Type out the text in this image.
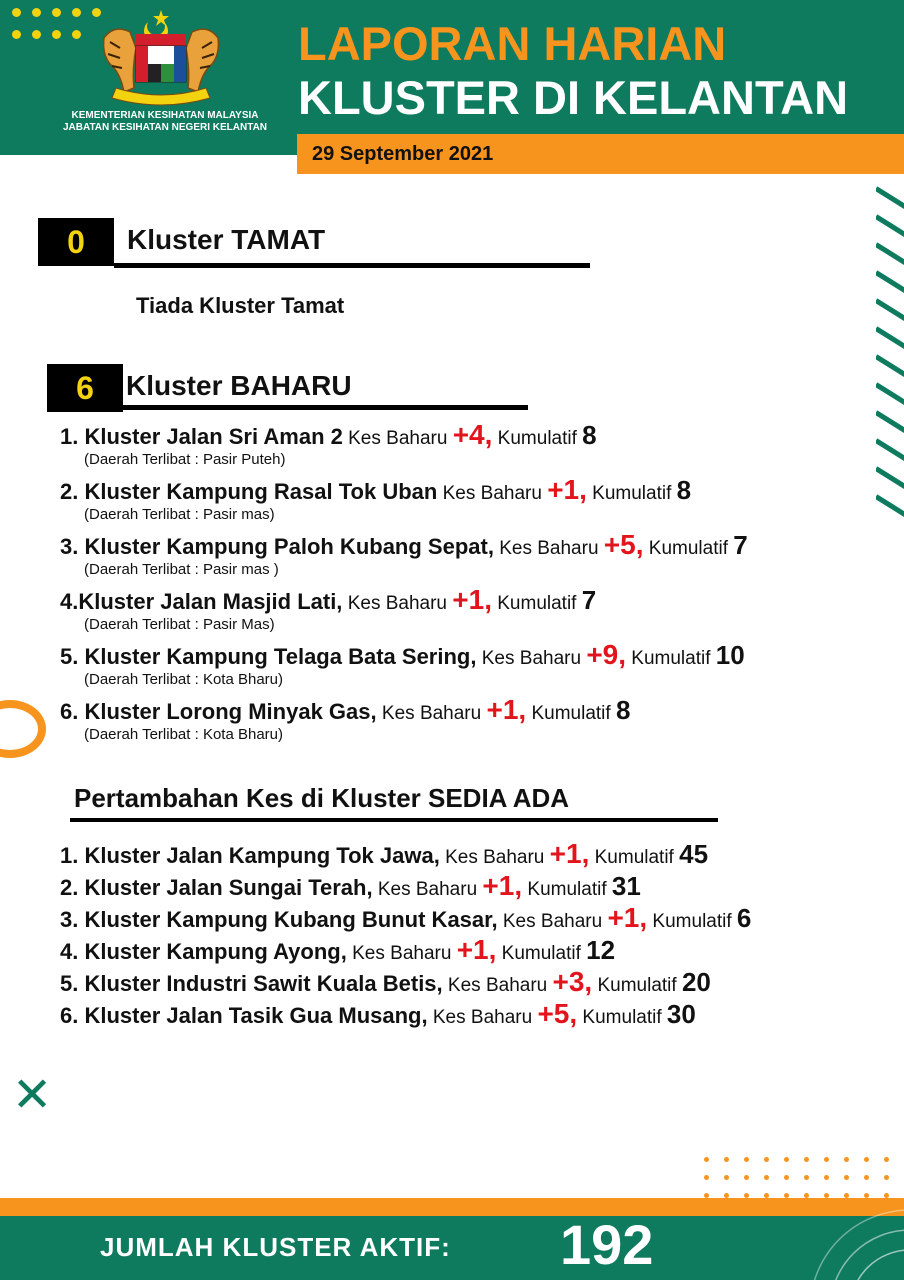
KEMENTERIAN KESIHATAN MALAYSIA
JABATAN KESIHATAN NEGERI KELANTAN
LAPORAN HARIAN
KLUSTER DI KELANTAN
29 September 2021
✕
0	Kluster TAMAT
Tiada Kluster Tamat
6	Kluster BAHARU
1. Kluster Jalan Sri Aman 2 Kes Baharu +4, Kumulatif 8
(Daerah Terlibat : Pasir Puteh)
2. Kluster Kampung Rasal Tok Uban Kes Baharu +1, Kumulatif 8
(Daerah Terlibat : Pasir mas)
3. Kluster Kampung Paloh Kubang Sepat, Kes Baharu +5, Kumulatif 7
(Daerah Terlibat : Pasir mas )
4.Kluster Jalan Masjid Lati, Kes Baharu +1, Kumulatif 7
(Daerah Terlibat : Pasir Mas)
5. Kluster Kampung Telaga Bata Sering, Kes Baharu +9, Kumulatif 10
(Daerah Terlibat : Kota Bharu)
6. Kluster Lorong Minyak Gas, Kes Baharu +1, Kumulatif 8
(Daerah Terlibat : Kota Bharu)
Pertambahan Kes di Kluster SEDIA ADA
1. Kluster Jalan Kampung Tok Jawa, Kes Baharu +1, Kumulatif 45
2. Kluster Jalan Sungai Terah, Kes Baharu +1, Kumulatif 31
3. Kluster Kampung Kubang Bunut Kasar, Kes Baharu +1, Kumulatif 6
4. Kluster Kampung Ayong, Kes Baharu +1, Kumulatif 12
5. Kluster Industri Sawit Kuala Betis, Kes Baharu +3, Kumulatif 20
6. Kluster Jalan Tasik Gua Musang, Kes Baharu +5, Kumulatif 30
JUMLAH KLUSTER AKTIF: 192
